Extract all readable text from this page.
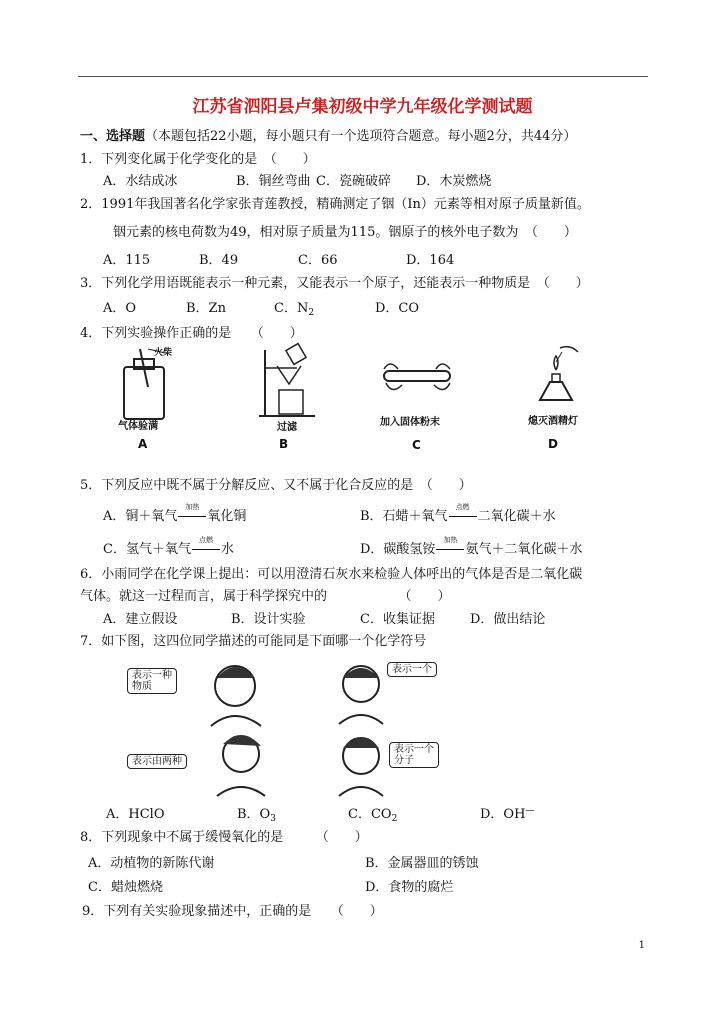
江苏省泗阳县卢集初级中学九年级化学测试题
一、选择题（本题包括22小题，每小题只有一个选项符合题意。每小题2分，共44分）
1．下列变化属于化学变化的是　（　　）
A．水结成冰	B．铜丝弯曲 C．瓷碗破碎 D．木炭燃烧
2．1991年我国著名化学家张青莲教授，精确测定了铟（In）元素等相对原子质量新值。
铟元素的核电荷数为49，相对原子质量为115。铟原子的核外电子数为　（　　）
A．115	B．49	C．66	D．164
3．下列化学用语既能表示一种元素，又能表示一个原子，还能表示一种物质是　（　　）
A．O	B．Zn	C．$N_2$	D．CO
4．下列实验操作正确的是　　（　　）
火柴
气体验满
A
过滤
B
加入固体粉末
C
熄灭酒精灯
D
5．下列反应中既不属于分解反应、又不属于化合反应的是　（　　）
A．铜＋氧气
加热
氧化铜	B．石蜡＋氧气
点燃
二氧化碳＋水
C．氢气＋氧气
点燃
水	D．碳酸氢铵
加热
氨气＋二氧化碳＋水
6．小雨同学在化学课上提出：可以用澄清石灰水来检验人体呼出的气体是否是二氧化碳
气体。就这一过程而言，属于科学探究中的　　　　　　（　　）
A．建立假设	B．设计实验	C．收集证据	D．做出结论
7．如下图，这四位同学描述的可能同是下面哪一个化学符号
表示一种
物质
表示一个
表示由两种
表示一个
分子
A．HClO	B．$O_3$	C．$CO_2$	D．OH—
8．下列现象中不属于缓慢氧化的是　　　（　　）
A．动植物的新陈代谢	B．金属器皿的锈蚀
C．蜡烛燃烧	D．食物的腐烂
9．下列有关实验现象描述中，正确的是　　（　　）
1
